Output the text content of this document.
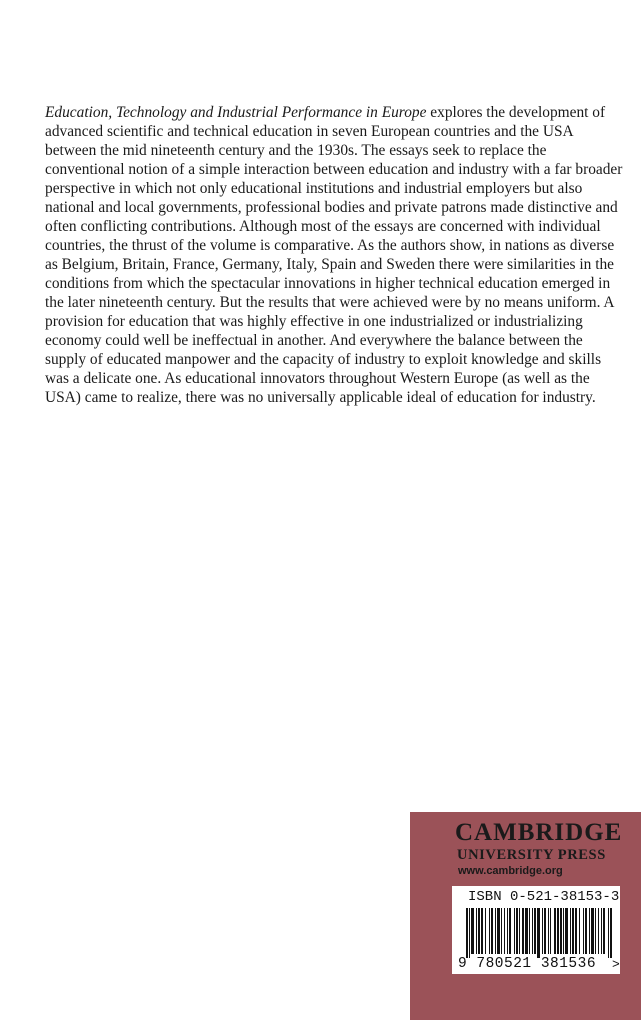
Education, Technology and Industrial Performance in Europe explores the development of advanced scientific and technical education in seven European countries and the USA between the mid nineteenth century and the 1930s. The essays seek to replace the conventional notion of a simple interaction between education and industry with a far broader perspective in which not only educational institutions and industrial employers but also national and local governments, professional bodies and private patrons made distinctive and often conflicting contributions. Although most of the essays are concerned with individual countries, the thrust of the volume is comparative. As the authors show, in nations as diverse as Belgium, Britain, France, Germany, Italy, Spain and Sweden there were similarities in the conditions from which the spectacular innovations in higher technical education emerged in the later nineteenth century. But the results that were achieved were by no means uniform. A provision for education that was highly effective in one industrialized or industrializing economy could well be ineffectual in another. And everywhere the balance between the supply of educated manpower and the capacity of industry to exploit knowledge and skills was a delicate one. As educational innovators throughout Western Europe (as well as the USA) came to realize, there was no universally applicable ideal of education for industry.

CAMBRIDGE
UNIVERSITY PRESS
www.cambridge.org
ISBN 0-521-38153-3
>
9 780521 381536
